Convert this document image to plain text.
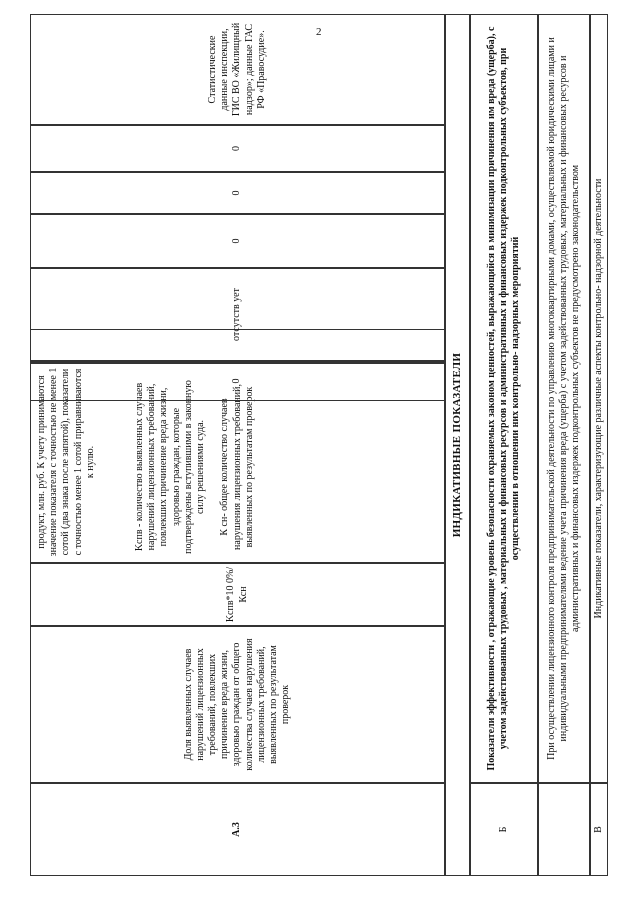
2
А.3
Доля выявленных случаев нарушений лицензионных требований, повлекших причинение вреда жизни, здоровью граждан от общего количества случаев нарушения лицензионных требований, выявленных по результатам проверок
Kспв*10 0%/ Ксн
продукт, млн. руб. К учету принимаются значение показателя с точностью не менее 1 сотой (два знака после запятой), показатели с точностью менее 1 сотой приравниваются к нулю.
Kспв - количество выявленных случаев нарушений лицензионных требований, повлекших причинение вреда жизни, здоровью граждан, которые подтверждены вступившими в законную силу решениями суда.

К сн- общее количество случаев нарушения лицензионных требований, выявленных по результатам проверок
0
отсутств ует
0
0
0
Статистические данные инспекции, ГИС ВО «Жилищный надзор»; данные ГАС РФ «Правосудие».
ИНДИКАТИВНЫЕ ПОКАЗАТЕЛИ
Б
Показатели эффективности , отражающие уровень безопасности охраняемых законом ценностей, выражающийся в минимизации причинения им вреда (ущерба), с учетом задействованных трудовых , материальных и финансовых ресурсов и административных и финансовых издержек подконтрольных субъектов, при осуществлении в отношении них контрольно- надзорных мероприятий	При осуществлении лицензионного контроля предпринимательской деятельности по управлению многоквартирными домами, осуществляемой юридическими лицами и индивидуальными предпринимателями ведение учета причинения вреда (ущерба) с учетом задействованных трудовых, материальных и финансовых ресурсов и административных и финансовых издержек подконтрольных субъектов не предусмотрено законодательством
В
Индикативные показатели, характеризующие различные аспекты контрольно- надзорной деятельности
